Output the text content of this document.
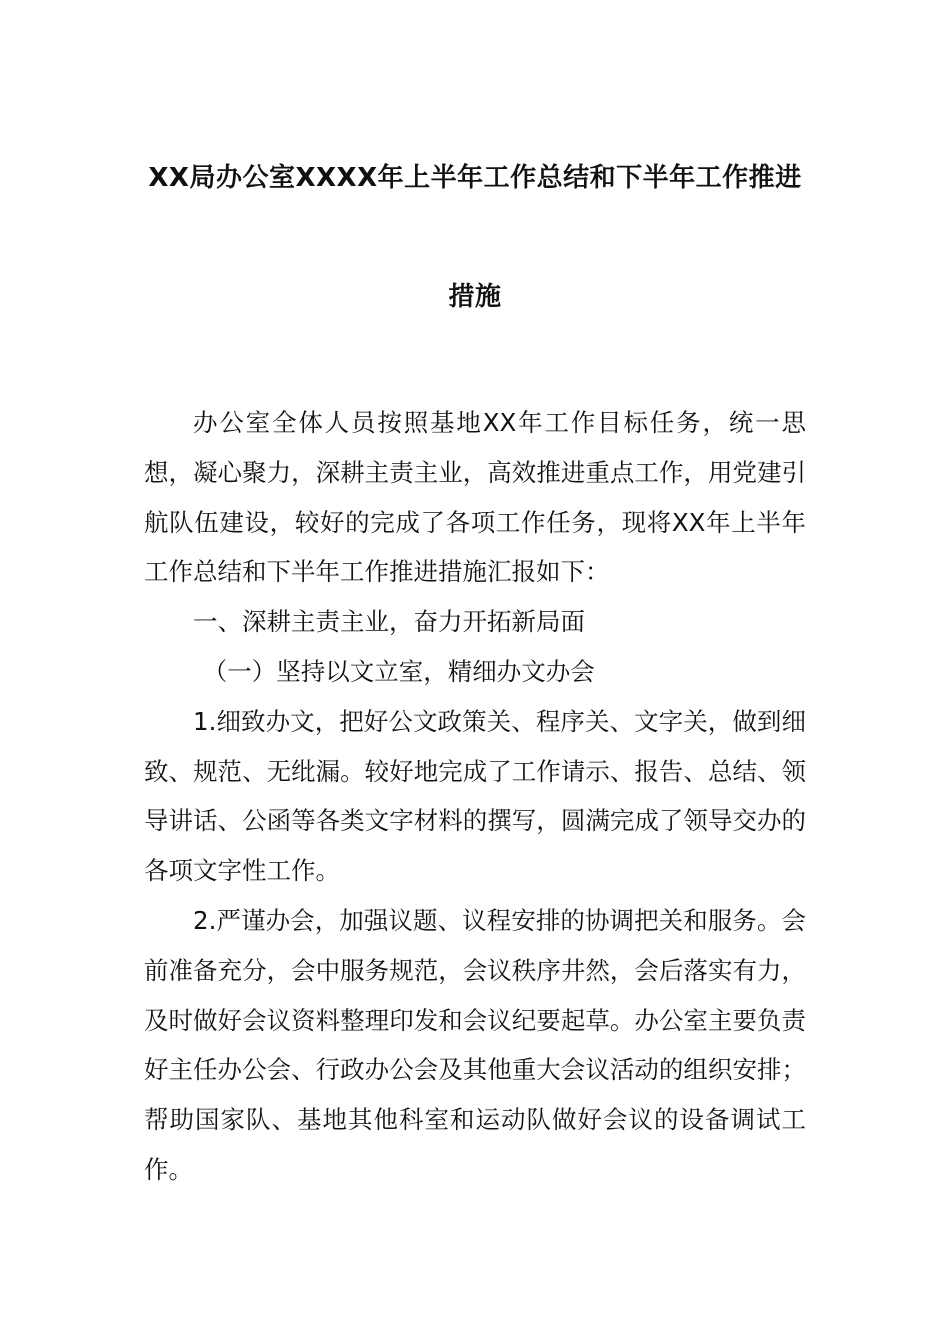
XX局办公室XXXX年上半年工作总结和下半年工作推进
措施

办公室全体人员按照基地XX年工作目标任务，统一思想，凝心聚力，深耕主责主业，高效推进重点工作，用党建引航队伍建设，较好的完成了各项工作任务，现将XX年上半年工作总结和下半年工作推进措施汇报如下：

一、深耕主责主业，奋力开拓新局面

（一）坚持以文立室，精细办文办会

1.细致办文，把好公文政策关、程序关、文字关，做到细致、规范、无纰漏。较好地完成了工作请示、报告、总结、领导讲话、公函等各类文字材料的撰写，圆满完成了领导交办的各项文字性工作。

2.严谨办会，加强议题、议程安排的协调把关和服务。会前准备充分，会中服务规范，会议秩序井然，会后落实有力，及时做好会议资料整理印发和会议纪要起草。办公室主要负责好主任办公会、行政办公会及其他重大会议活动的组织安排；帮助国家队、基地其他科室和运动队做好会议的设备调试工作。
